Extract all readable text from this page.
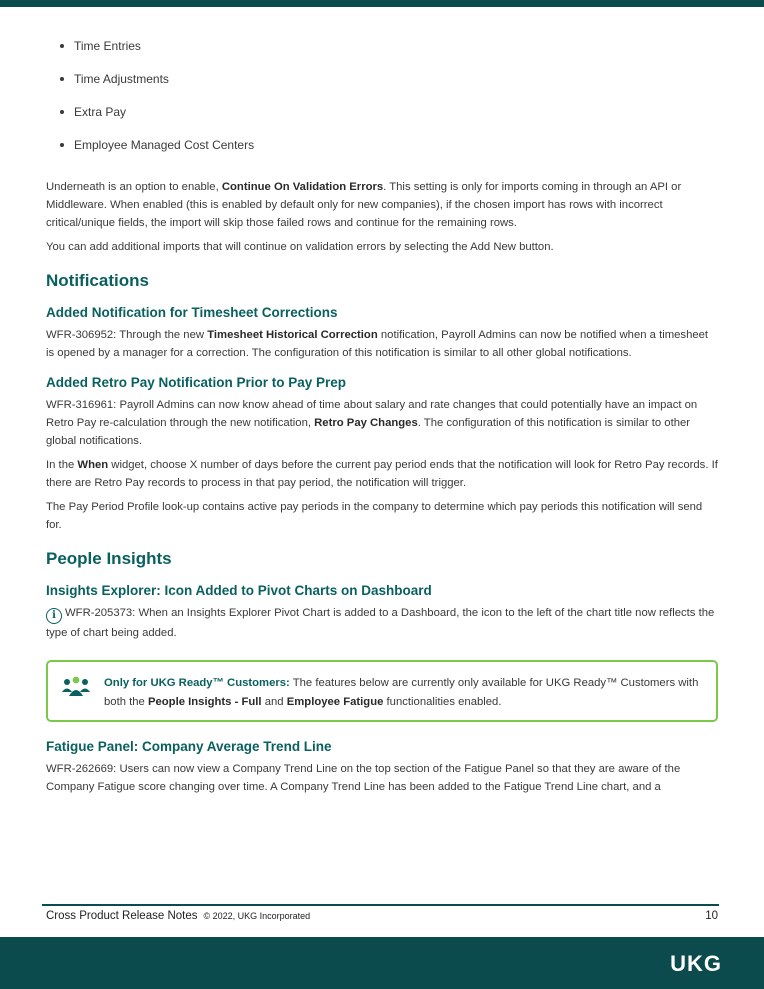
Time Entries
Time Adjustments
Extra Pay
Employee Managed Cost Centers

Underneath is an option to enable, Continue On Validation Errors. This setting is only for imports coming in through an API or Middleware. When enabled (this is enabled by default only for new companies), if the chosen import has rows with incorrect critical/unique fields, the import will skip those failed rows and continue for the remaining rows.

You can add additional imports that will continue on validation errors by selecting the Add New button.

Notifications
Added Notification for Timesheet Corrections

WFR-306952: Through the new Timesheet Historical Correction notification, Payroll Admins can now be notified when a timesheet is opened by a manager for a correction. The configuration of this notification is similar to all other global notifications.

Added Retro Pay Notification Prior to Pay Prep

WFR-316961: Payroll Admins can now know ahead of time about salary and rate changes that could potentially have an impact on Retro Pay re-calculation through the new notification, Retro Pay Changes. The configuration of this notification is similar to other global notifications.

In the When widget, choose X number of days before the current pay period ends that the notification will look for Retro Pay records. If there are Retro Pay records to process in that pay period, the notification will trigger.

The Pay Period Profile look-up contains active pay periods in the company to determine which pay periods this notification will send for.

People Insights
Insights Explorer: Icon Added to Pivot Charts on Dashboard

i WFR-205373: When an Insights Explorer Pivot Chart is added to a Dashboard, the icon to the left of the chart title now reflects the type of chart being added.

Only for UKG Ready™ Customers: The features below are currently only available for UKG Ready™ Customers with both the People Insights - Full and Employee Fatigue functionalities enabled.

Fatigue Panel: Company Average Trend Line

WFR-262669: Users can now view a Company Trend Line on the top section of the Fatigue Panel so that they are aware of the Company Fatigue score changing over time. A Company Trend Line has been added to the Fatigue Trend Line chart, and a

Cross Product Release Notes © 2022, UKG Incorporated	10
UKG
